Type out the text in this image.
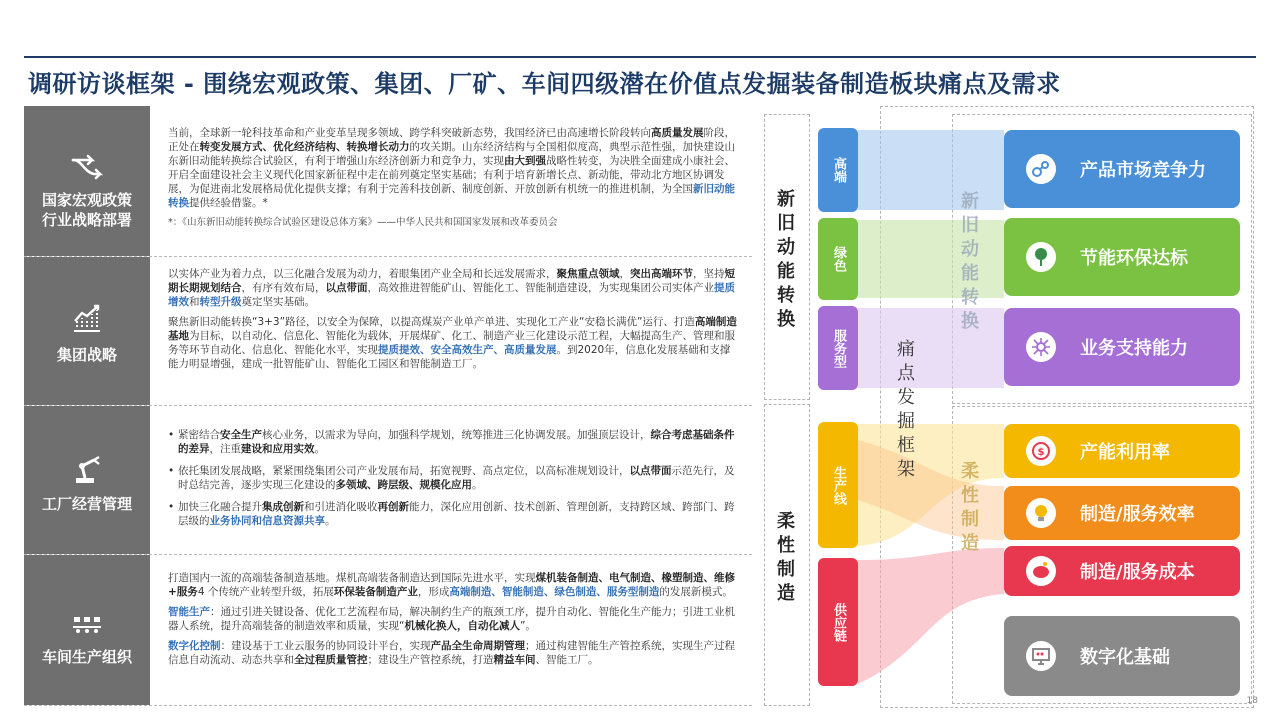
调研访谈框架 - 围绕宏观政策、集团、厂矿、车间四级潜在价值点发掘装备制造板块痛点及需求
国家宏观政策
行业战略部署

当前，全球新一轮科技革命和产业变革呈现多领域、跨学科突破新态势，我国经济已由高速增长阶段转向高质量发展阶段，正处在转变发展方式、优化经济结构、转换增长动力的攻关期。山东经济结构与全国相似度高，典型示范性强，加快建设山东新旧动能转换综合试验区，有利于增强山东经济创新力和竞争力，实现由大到强战略性转变，为决胜全面建成小康社会、开启全面建设社会主义现代化国家新征程中走在前列奠定坚实基础；有利于培育新增长点、新动能，带动北方地区协调发展，为促进南北发展格局优化提供支撑；有利于完善科技创新、制度创新、开放创新有机统一的推进机制，为全国新旧动能转换提供经验借鉴。*

*：《山东新旧动能转换综合试验区建设总体方案》——中华人民共和国国家发展和改革委员会

集团战略

以实体产业为着力点，以三化融合发展为动力，着眼集团产业全局和长远发展需求，聚焦重点领域，突出高端环节，坚持短期长期规划结合，有序有效布局，以点带面，高效推进智能矿山、智能化工、智能制造建设，为实现集团公司实体产业提质增效和转型升级奠定坚实基础。

聚焦新旧动能转换“3+3”路径，以安全为保障，以提高煤炭产业单产单进、实现化工产业“安稳长满优”运行、打造高端制造基地为目标，以自动化、信息化、智能化为载体，开展煤矿、化工、制造产业三化建设示范工程，大幅提高生产、管理和服务等环节自动化、信息化、智能化水平，实现提质提效、安全高效生产、高质量发展。到2020年，信息化发展基础和支撑能力明显增强，建成一批智能矿山、智能化工园区和智能制造工厂。

工厂经营管理
• 紧密结合安全生产核心业务，以需求为导向，加强科学规划，统筹推进三化协调发展。加强顶层设计，综合考虑基础条件的差异，注重建设和应用实效。
• 依托集团发展战略，紧紧围绕集团公司产业发展布局，拓宽视野、高点定位，以高标准规划设计，以点带面示范先行，及时总结完善，逐步实现三化建设的多领域、跨层级、规模化应用。
• 加快三化融合提升集成创新和引进消化吸收再创新能力，深化应用创新、技术创新、管理创新，支持跨区域、跨部门、跨层级的业务协同和信息资源共享。
车间生产组织

打造国内一流的高端装备制造基地。煤机高端装备制造达到国际先进水平，实现煤机装备制造、电气制造、橡塑制造、维修+服务4 个传统产业转型升级，拓展环保装备制造产业，形成高端制造、智能制造、绿色制造、服务型制造的发展新模式。

智能生产：通过引进关键设备、优化工艺流程布局，解决制约生产的瓶颈工序，提升自动化、智能化生产能力；引进工业机器人系统，提升高端装备的制造效率和质量，实现“机械化换人，自动化减人”。

数字化控制：建设基于工业云服务的协同设计平台，实现产品全生命周期管理；通过构建智能生产管控系统，实现生产过程信息自动流动、动态共享和全过程质量管控；建设生产管控系统，打造精益车间、智能工厂。

新旧动能转换
柔性制造
痛点发掘框架
新旧动能转换
柔性制造
高端
绿色
服务型
生产线
供应链
产品市场竞争力
节能环保达标
业务支持能力
$ 产能利用率
制造/服务效率
制造/服务成本
数字化基础
18
